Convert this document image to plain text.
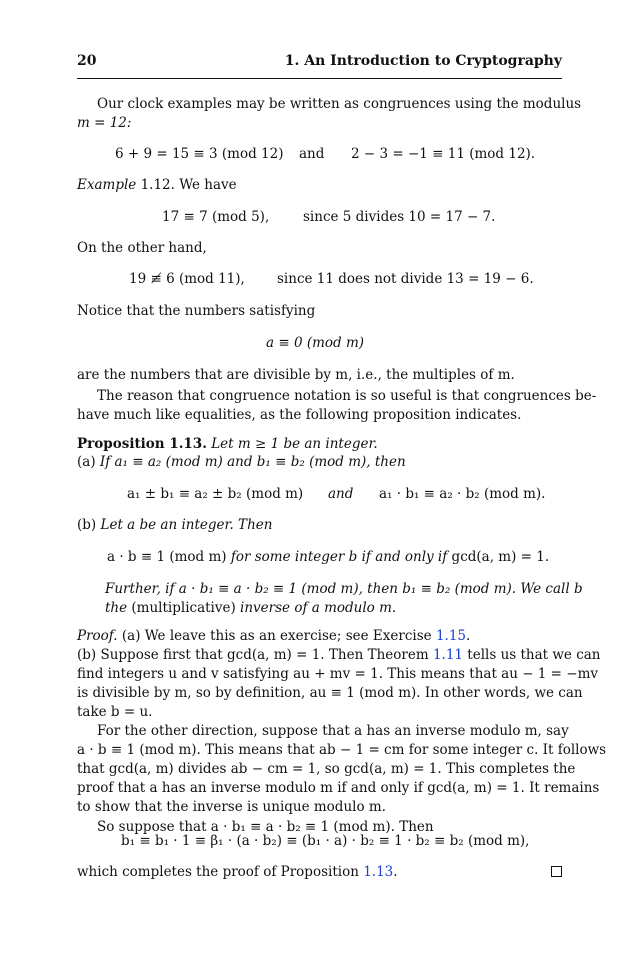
20	1. An Introduction to Cryptography
Our clock examples may be written as congruences using the modulus
m = 12:
6 + 9 = 15 ≡ 3 (mod 12) and 2 − 3 = −1 ≡ 11 (mod 12).
Example 1.12. We have
17 ≡ 7 (mod 5),	since 5 divides 10 = 17 − 7.
On the other hand,
19 ≢ 6 (mod 11), since 11 does not divide 13 = 19 − 6.
Notice that the numbers satisfying
a ≡ 0 (mod m)
are the numbers that are divisible by m, i.e., the multiples of m.
The reason that congruence notation is so useful is that congruences be-
have much like equalities, as the following proposition indicates.
Proposition 1.13. Let m ≥ 1 be an integer.
(a) If a₁ ≡ a₂ (mod m) and b₁ ≡ b₂ (mod m), then
a₁ ± b₁ ≡ a₂ ± b₂ (mod m) and a₁ · b₁ ≡ a₂ · b₂ (mod m).
(b) Let a be an integer. Then
a · b ≡ 1 (mod m) for some integer b if and only if gcd(a, m) = 1.
Further, if a · b₁ ≡ a · b₂ ≡ 1 (mod m), then b₁ ≡ b₂ (mod m). We call b
the (multiplicative) inverse of a modulo m.
Proof. (a) We leave this as an exercise; see Exercise 1.15.
(b) Suppose first that gcd(a, m) = 1. Then Theorem 1.11 tells us that we can
find integers u and v satisfying au + mv = 1. This means that au − 1 = −mv
is divisible by m, so by definition, au ≡ 1 (mod m). In other words, we can
take b = u.
For the other direction, suppose that a has an inverse modulo m, say
a · b ≡ 1 (mod m). This means that ab − 1 = cm for some integer c. It follows
that gcd(a, m) divides ab − cm = 1, so gcd(a, m) = 1. This completes the
proof that a has an inverse modulo m if and only if gcd(a, m) = 1. It remains
to show that the inverse is unique modulo m.
So suppose that a · b₁ ≡ a · b₂ ≡ 1 (mod m). Then
b₁ ≡ b₁ · 1 ≡ β₁ · (a · b₂) ≡ (b₁ · a) · b₂ ≡ 1 · b₂ ≡ b₂ (mod m),
which completes the proof of Proposition 1.13.
